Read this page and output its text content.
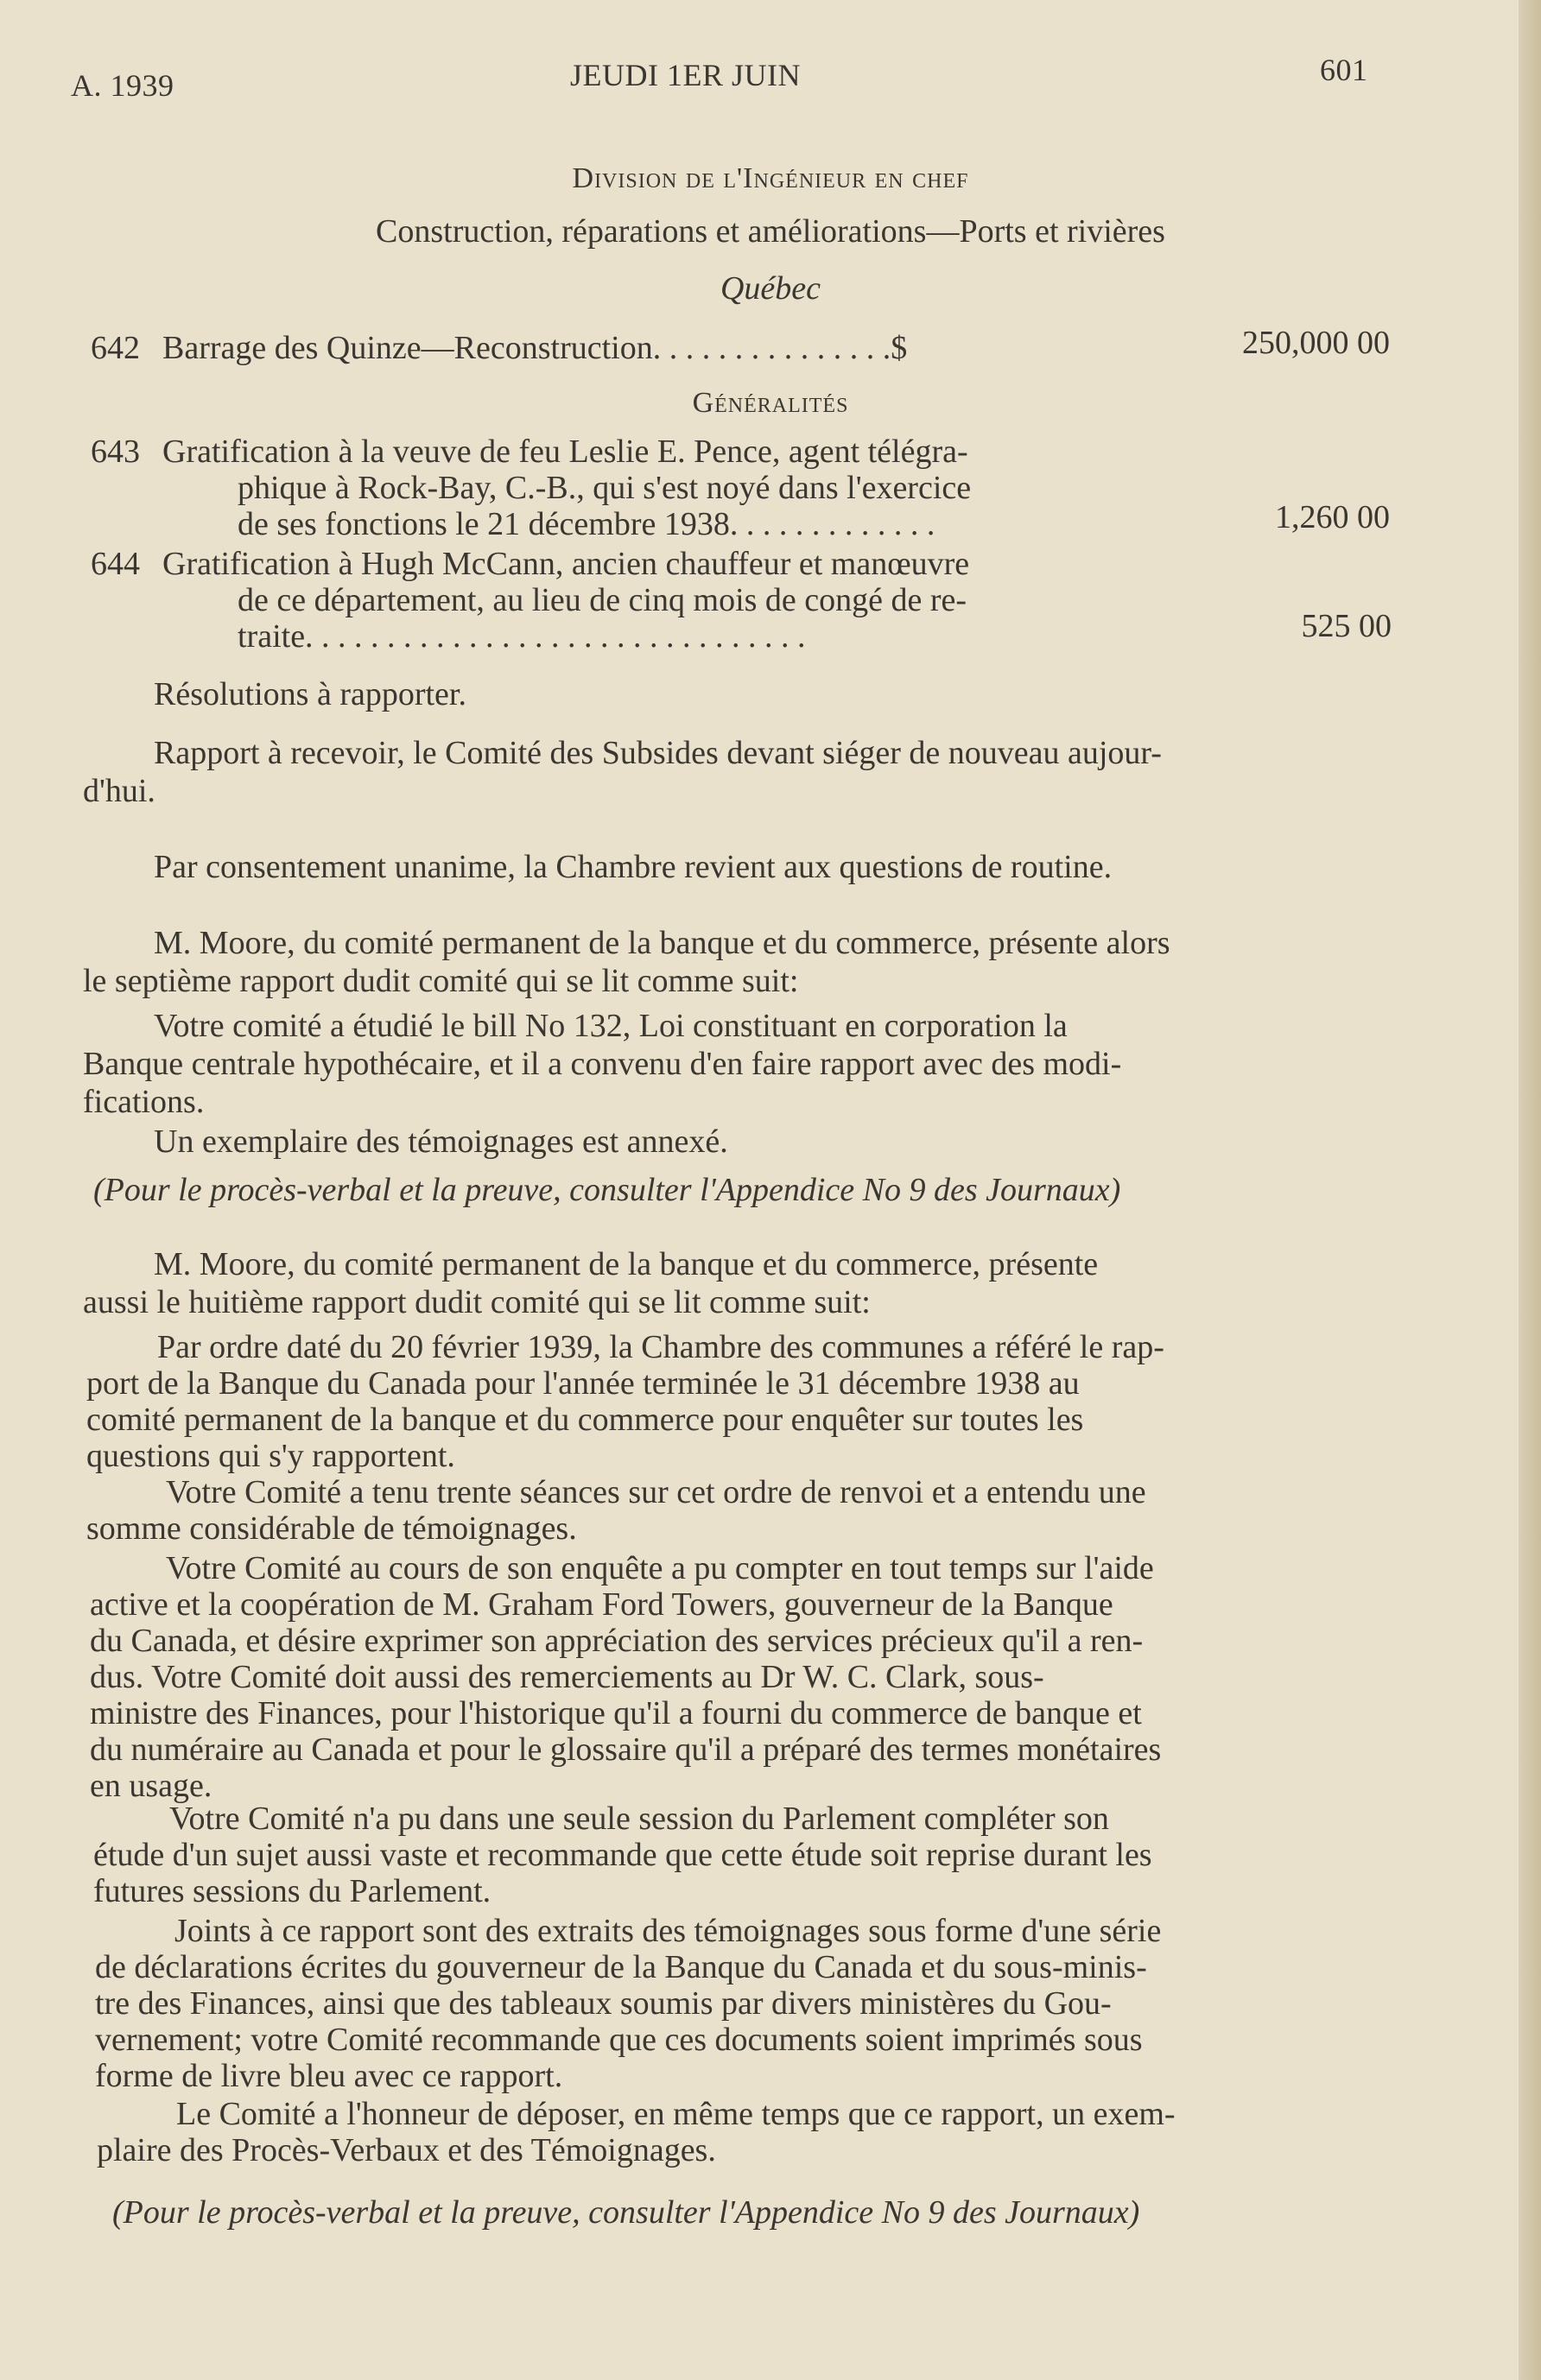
A. 1939	JEUDI 1ER JUIN	601
Division de l'Ingénieur en chef
Construction, réparations et améliorations—Ports et rivières
Québec
642 Barrage des Quinze—Reconstruction. . . . . . . . . . . . . . .$	250,000 00
Généralités
643 Gratification à la veuve de feu Leslie E. Pence, agent télégra-
phique à Rock-Bay, C.-B., qui s'est noyé dans l'exercice
de ses fonctions le 21 décembre 1938. . . . . . . . . . . . .	1,260 00
644 Gratification à Hugh McCann, ancien chauffeur et manœuvre
de ce département, au lieu de cinq mois de congé de re-
traite. . . . . . . . . . . . . . . . . . . . . . . . . . . . . . .	525 00
Résolutions à rapporter.
Rapport à recevoir, le Comité des Subsides devant siéger de nouveau aujour-
d'hui.
Par consentement unanime, la Chambre revient aux questions de routine.
M. Moore, du comité permanent de la banque et du commerce, présente alors
le septième rapport dudit comité qui se lit comme suit:
Votre comité a étudié le bill No 132, Loi constituant en corporation la
Banque centrale hypothécaire, et il a convenu d'en faire rapport avec des modi-
fications.
Un exemplaire des témoignages est annexé.
(Pour le procès-verbal et la preuve, consulter l'Appendice No 9 des Journaux)
M. Moore, du comité permanent de la banque et du commerce, présente
aussi le huitième rapport dudit comité qui se lit comme suit:
Par ordre daté du 20 février 1939, la Chambre des communes a référé le rap-
port de la Banque du Canada pour l'année terminée le 31 décembre 1938 au
comité permanent de la banque et du commerce pour enquêter sur toutes les
questions qui s'y rapportent.
Votre Comité a tenu trente séances sur cet ordre de renvoi et a entendu une
somme considérable de témoignages.
Votre Comité au cours de son enquête a pu compter en tout temps sur l'aide
active et la coopération de M. Graham Ford Towers, gouverneur de la Banque
du Canada, et désire exprimer son appréciation des services précieux qu'il a ren-
dus. Votre Comité doit aussi des remerciements au Dr W. C. Clark, sous-
ministre des Finances, pour l'historique qu'il a fourni du commerce de banque et
du numéraire au Canada et pour le glossaire qu'il a préparé des termes monétaires
en usage.
Votre Comité n'a pu dans une seule session du Parlement compléter son
étude d'un sujet aussi vaste et recommande que cette étude soit reprise durant les
futures sessions du Parlement.
Joints à ce rapport sont des extraits des témoignages sous forme d'une série
de déclarations écrites du gouverneur de la Banque du Canada et du sous-minis-
tre des Finances, ainsi que des tableaux soumis par divers ministères du Gou-
vernement; votre Comité recommande que ces documents soient imprimés sous
forme de livre bleu avec ce rapport.
Le Comité a l'honneur de déposer, en même temps que ce rapport, un exem-
plaire des Procès-Verbaux et des Témoignages.
(Pour le procès-verbal et la preuve, consulter l'Appendice No 9 des Journaux)
